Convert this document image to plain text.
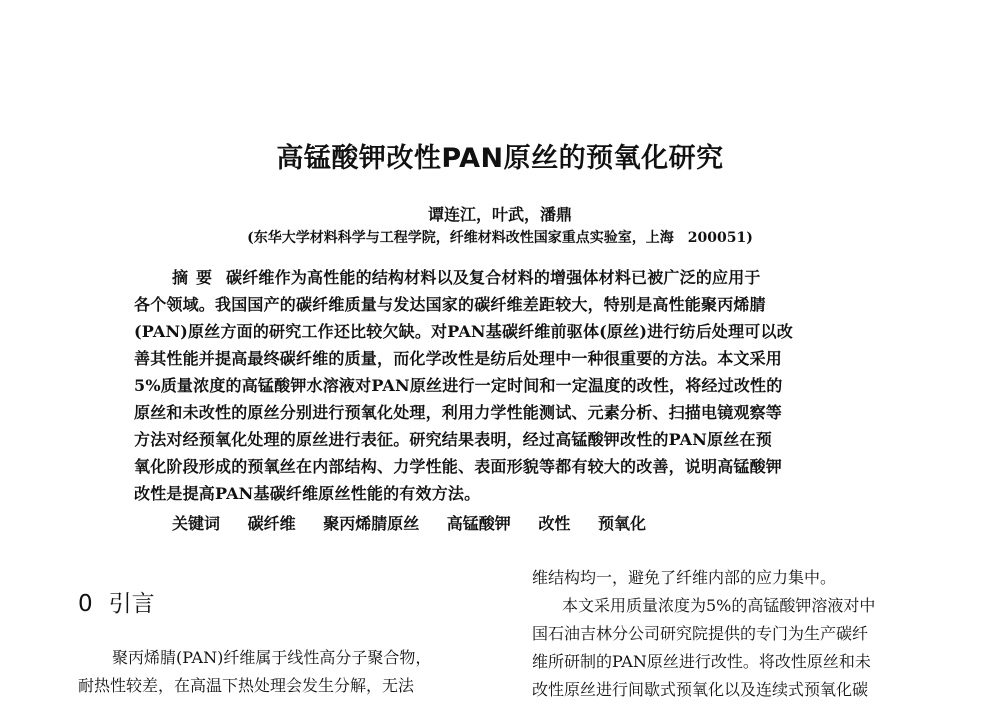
高锰酸钾改性PAN原丝的预氧化研究
谭连江，叶武，潘鼎
(东华大学材料科学与工程学院，纤维材料改性国家重点实验室，上海　200051)
摘要 碳纤维作为高性能的结构材料以及复合材料的增强体材料已被广泛的应用于
各个领域。我国国产的碳纤维质量与发达国家的碳纤维差距较大，特别是高性能聚丙烯腈
(PAN)原丝方面的研究工作还比较欠缺。对PAN基碳纤维前驱体(原丝)进行纺后处理可以改
善其性能并提高最终碳纤维的质量，而化学改性是纺后处理中一种很重要的方法。本文采用
5%质量浓度的高锰酸钾水溶液对PAN原丝进行一定时间和一定温度的改性，将经过改性的
原丝和未改性的原丝分别进行预氧化处理，利用力学性能测试、元素分析、扫描电镜观察等
方法对经预氧化处理的原丝进行表征。研究结果表明，经过高锰酸钾改性的PAN原丝在预
氧化阶段形成的预氧丝在内部结构、力学性能、表面形貌等都有较大的改善，说明高锰酸钾
改性是提高PAN基碳纤维原丝性能的有效方法。
关键词 碳纤维 聚丙烯腈原丝 高锰酸钾 改性 预氧化
0 引言
聚丙烯腈(PAN)纤维属于线性高分子聚合物，
耐热性较差，在高温下热处理会发生分解，无法
维结构均一，避免了纤维内部的应力集中。
本文采用质量浓度为5%的高锰酸钾溶液对中
国石油吉林分公司研究院提供的专门为生产碳纤
维所研制的PAN原丝进行改性。将改性原丝和未
改性原丝进行间歇式预氧化以及连续式预氧化碳
